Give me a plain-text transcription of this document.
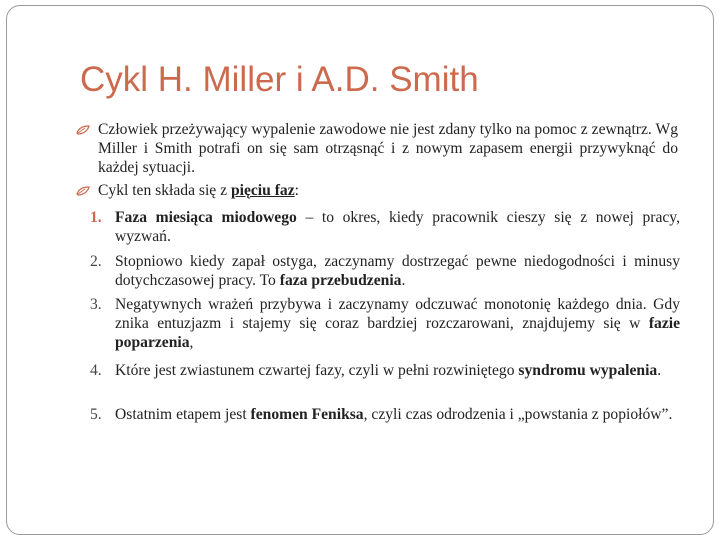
Cykl H. Miller i A.D. Smith
Człowiek przeżywający wypalenie zawodowe nie jest zdany tylko na pomoc z zewnątrz. Wg Miller i Smith potrafi on się sam otrząsnąć i z nowym zapasem energii przywyknąć do każdej sytuacji.
Cykl ten składa się z pięciu faz:
1. Faza miesiąca miodowego – to okres, kiedy pracownik cieszy się z nowej pracy, wyzwań.
2. Stopniowo kiedy zapał ostyga, zaczynamy dostrzegać pewne niedogodności i minusy dotychczasowej pracy. To faza przebudzenia.
3. Negatywnych wrażeń przybywa i zaczynamy odczuwać monotonię każdego dnia. Gdy znika entuzjazm i stajemy się coraz bardziej rozczarowani, znajdujemy się w fazie poparzenia,
4. Które jest zwiastunem czwartej fazy, czyli w pełni rozwiniętego syndromu wypalenia.
5. Ostatnim etapem jest fenomen Feniksa, czyli czas odrodzenia i „powstania z popiołów”.
